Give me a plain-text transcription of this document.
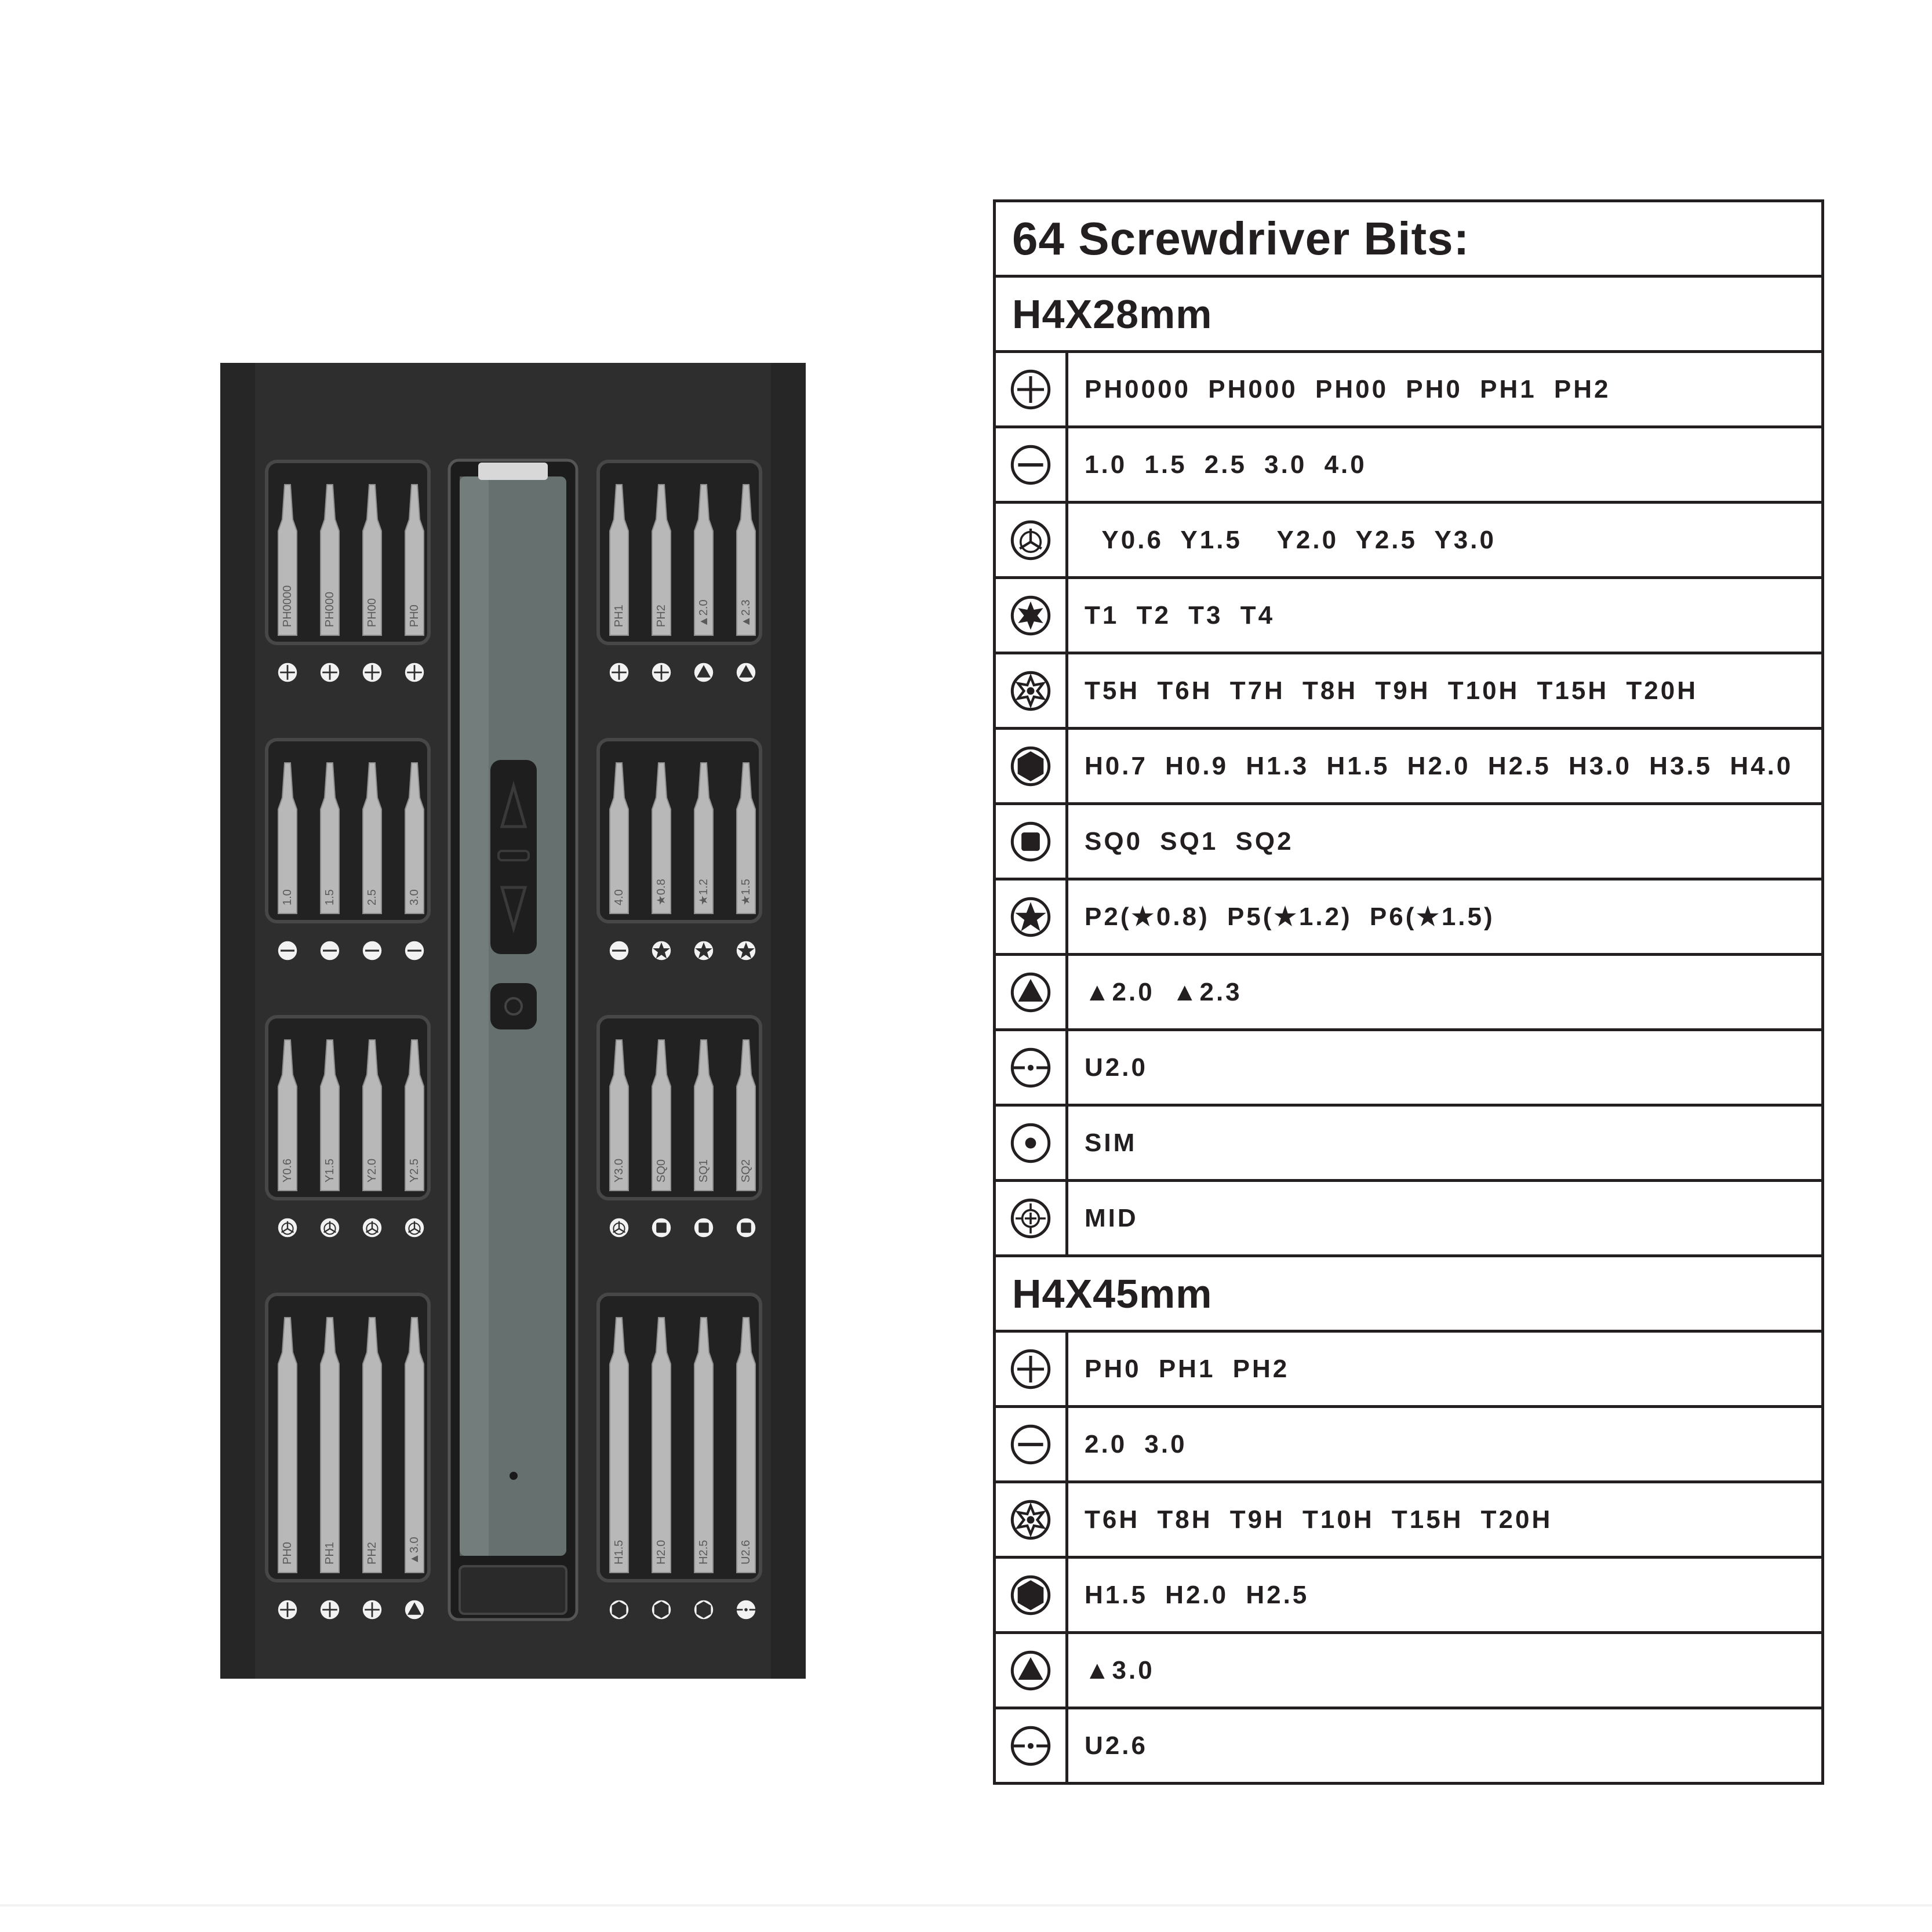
PH0000	PH000	PH00	PH0	PH1	PH2	▲2.0	▲2.3
1.0	1.5	2.5	3.0	4.0	★0.8	★1.2	★1.5
Y0.6	Y1.5	Y2.0	Y2.5	Y3.0	SQ0	SQ1	SQ2
PH0	PH1	PH2	▲3.0	H1.5	H2.0	H2.5	U2.6
64 Screwdriver Bits:
H4X28mm
PH0000 PH000 PH00 PH0 PH1 PH2
1.0 1.5 2.5 3.0 4.0
Y0.6 Y1.5  Y2.0 Y2.5 Y3.0
T1 T2 T3 T4
T5H T6H T7H T8H T9H T10H T15H T20H
H0.7 H0.9 H1.3 H1.5 H2.0 H2.5 H3.0 H3.5 H4.0
SQ0 SQ1 SQ2
P2(★0.8) P5(★1.2) P6(★1.5)
▲2.0 ▲2.3
U2.0
SIM
MID
H4X45mm
PH0 PH1 PH2
2.0 3.0
T6H T8H T9H T10H T15H T20H
H1.5 H2.0 H2.5
▲3.0
U2.6
